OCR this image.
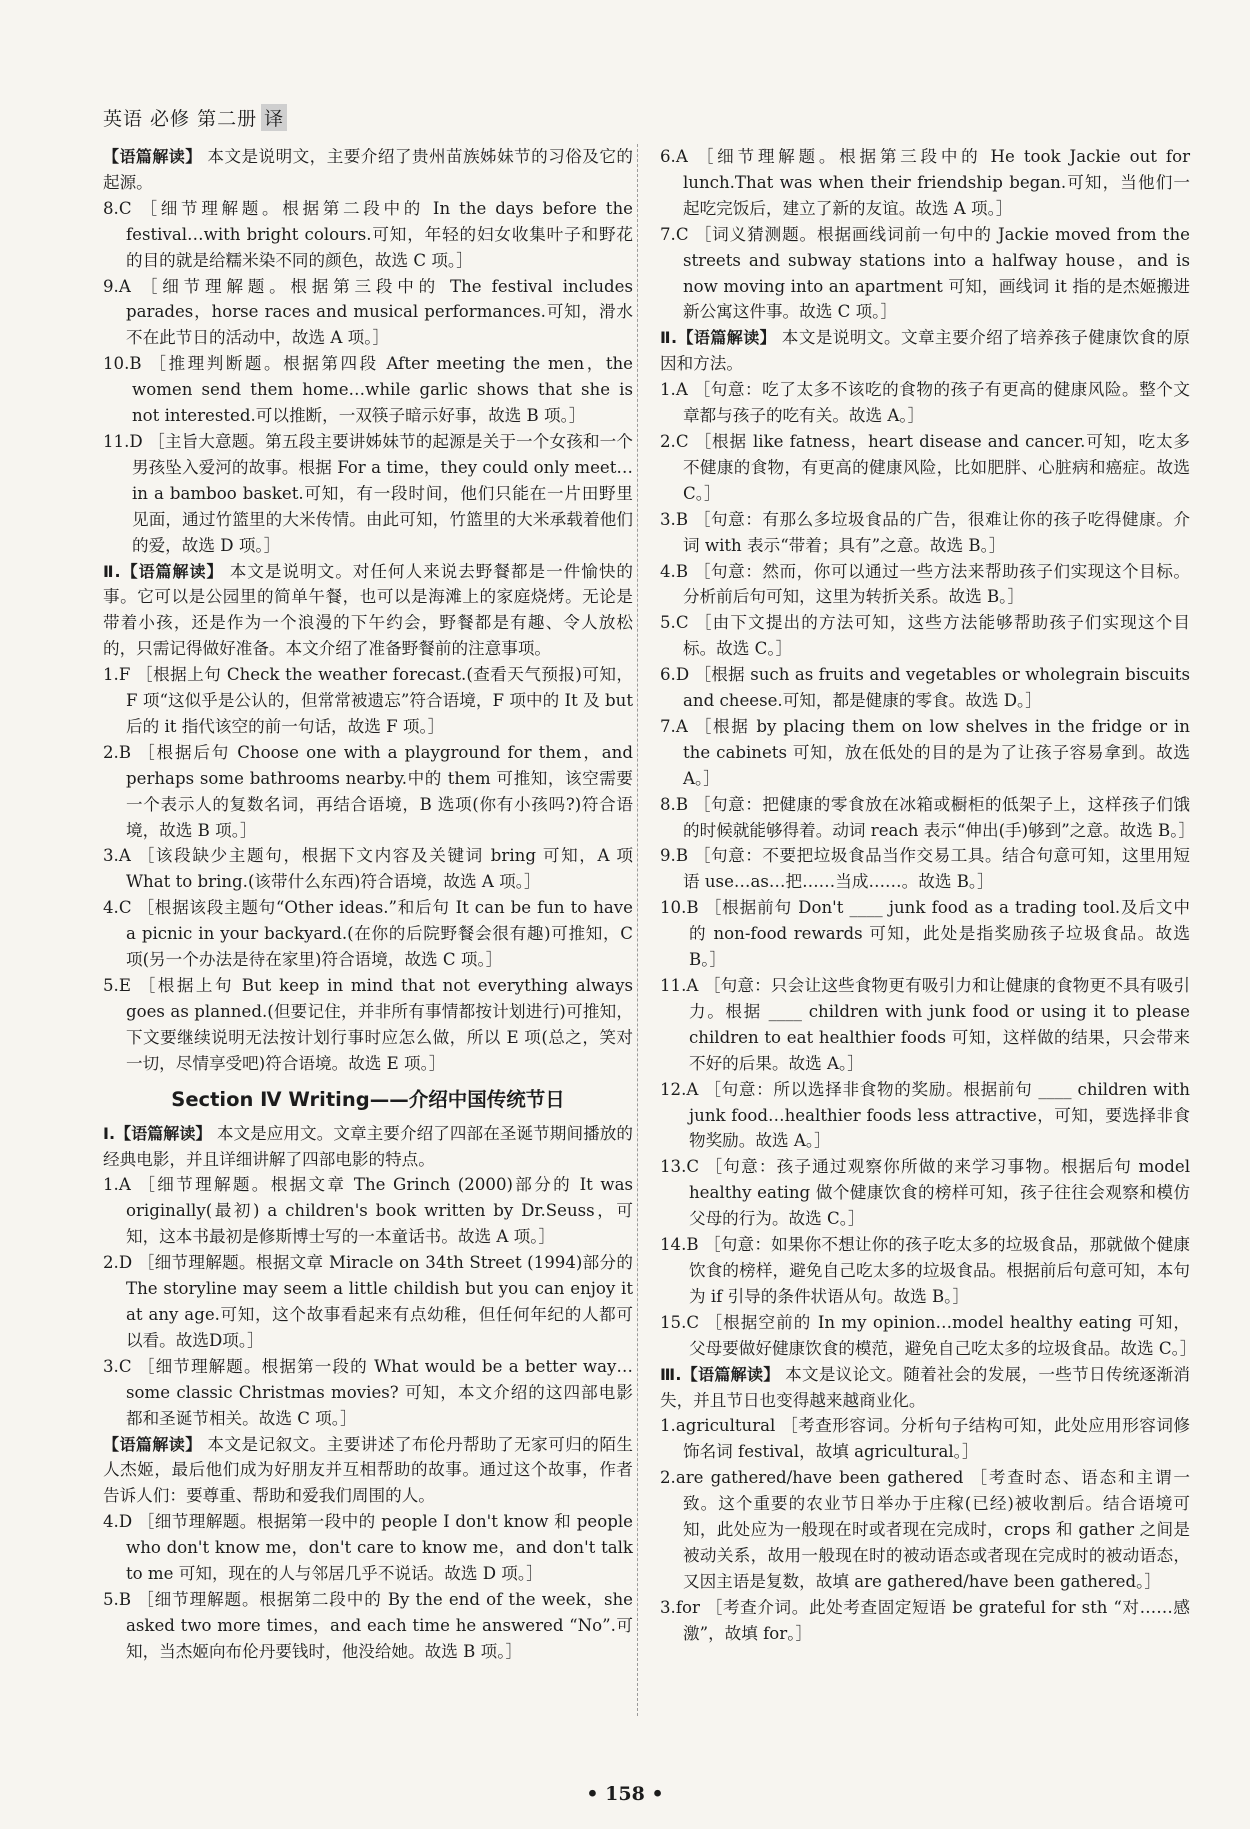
英语 必修 第二册 译
【语篇解读】 本文是说明文，主要介绍了贵州苗族姊妹节的习俗及它的起源。
8.C ［细节理解题。根据第二段中的 In the days before the festival…with bright colours.可知，年轻的妇女收集叶子和野花的目的就是给糯米染不同的颜色，故选 C 项。］
9.A ［细节理解题。根据第三段中的 The festival includes parades，horse races and musical performances.可知，滑水不在此节日的活动中，故选 A 项。］
10.B ［推理判断题。根据第四段 After meeting the men，the women send them home…while garlic shows that she is not interested.可以推断，一双筷子暗示好事，故选 B 项。］
11.D ［主旨大意题。第五段主要讲姊妹节的起源是关于一个女孩和一个男孩坠入爱河的故事。根据 For a time，they could only meet…in a bamboo basket.可知，有一段时间，他们只能在一片田野里见面，通过竹篮里的大米传情。由此可知，竹篮里的大米承载着他们的爱，故选 D 项。］
Ⅱ.【语篇解读】 本文是说明文。对任何人来说去野餐都是一件愉快的事。它可以是公园里的简单午餐，也可以是海滩上的家庭烧烤。无论是带着小孩，还是作为一个浪漫的下午约会，野餐都是有趣、令人放松的，只需记得做好准备。本文介绍了准备野餐前的注意事项。
1.F ［根据上句 Check the weather forecast.(查看天气预报)可知，F 项“这似乎是公认的，但常常被遗忘”符合语境，F 项中的 It 及 but 后的 it 指代该空的前一句话，故选 F 项。］
2.B ［根据后句 Choose one with a playground for them，and perhaps some bathrooms nearby.中的 them 可推知，该空需要一个表示人的复数名词，再结合语境，B 选项(你有小孩吗?)符合语境，故选 B 项。］
3.A ［该段缺少主题句，根据下文内容及关键词 bring 可知，A 项 What to bring.(该带什么东西)符合语境，故选 A 项。］
4.C ［根据该段主题句“Other ideas.”和后句 It can be fun to have a picnic in your backyard.(在你的后院野餐会很有趣)可推知，C 项(另一个办法是待在家里)符合语境，故选 C 项。］
5.E ［根据上句 But keep in mind that not everything always goes as planned.(但要记住，并非所有事情都按计划进行)可推知，下文要继续说明无法按计划行事时应怎么做，所以 E 项(总之，笑对一切，尽情享受吧)符合语境。故选 E 项。］
Section Ⅳ Writing——介绍中国传统节日
Ⅰ.【语篇解读】 本文是应用文。文章主要介绍了四部在圣诞节期间播放的经典电影，并且详细讲解了四部电影的特点。
1.A ［细节理解题。根据文章 The Grinch (2000)部分的 It was originally(最初) a children's book written by Dr.Seuss，可知，这本书最初是修斯博士写的一本童话书。故选 A 项。］
2.D ［细节理解题。根据文章 Miracle on 34th Street (1994)部分的 The storyline may seem a little childish but you can enjoy it at any age.可知，这个故事看起来有点幼稚，但任何年纪的人都可以看。故选D项。］
3.C ［细节理解题。根据第一段的 What would be a better way…some classic Christmas movies? 可知，本文介绍的这四部电影都和圣诞节相关。故选 C 项。］
【语篇解读】 本文是记叙文。主要讲述了布伦丹帮助了无家可归的陌生人杰姬，最后他们成为好朋友并互相帮助的故事。通过这个故事，作者告诉人们：要尊重、帮助和爱我们周围的人。
4.D ［细节理解题。根据第一段中的 people I don't know 和 people who don't know me，don't care to know me，and don't talk to me 可知，现在的人与邻居几乎不说话。故选 D 项。］
5.B ［细节理解题。根据第二段中的 By the end of the week，she asked two more times，and each time he answered “No”.可知，当杰姬向布伦丹要钱时，他没给她。故选 B 项。］
6.A ［细节理解题。根据第三段中的 He took Jackie out for lunch.That was when their friendship began.可知，当他们一起吃完饭后，建立了新的友谊。故选 A 项。］
7.C ［词义猜测题。根据画线词前一句中的 Jackie moved from the streets and subway stations into a halfway house，and is now moving into an apartment 可知，画线词 it 指的是杰姬搬进新公寓这件事。故选 C 项。］
Ⅱ.【语篇解读】 本文是说明文。文章主要介绍了培养孩子健康饮食的原因和方法。
1.A ［句意：吃了太多不该吃的食物的孩子有更高的健康风险。整个文章都与孩子的吃有关。故选 A。］
2.C ［根据 like fatness，heart disease and cancer.可知，吃太多不健康的食物，有更高的健康风险，比如肥胖、心脏病和癌症。故选 C。］
3.B ［句意：有那么多垃圾食品的广告，很难让你的孩子吃得健康。介词 with 表示“带着；具有”之意。故选 B。］
4.B ［句意：然而，你可以通过一些方法来帮助孩子们实现这个目标。分析前后句可知，这里为转折关系。故选 B。］
5.C ［由下文提出的方法可知，这些方法能够帮助孩子们实现这个目标。故选 C。］
6.D ［根据 such as fruits and vegetables or wholegrain biscuits and cheese.可知，都是健康的零食。故选 D。］
7.A ［根据 by placing them on low shelves in the fridge or in the cabinets 可知，放在低处的目的是为了让孩子容易拿到。故选 A。］
8.B ［句意：把健康的零食放在冰箱或橱柜的低架子上，这样孩子们饿的时候就能够得着。动词 reach 表示“伸出(手)够到”之意。故选 B。］
9.B ［句意：不要把垃圾食品当作交易工具。结合句意可知，这里用短语 use…as…把……当成……。故选 B。］
10.B ［根据前句 Don't ____ junk food as a trading tool.及后文中的 non-food rewards 可知，此处是指奖励孩子垃圾食品。故选 B。］
11.A ［句意：只会让这些食物更有吸引力和让健康的食物更不具有吸引力。根据 ____ children with junk food or using it to please children to eat healthier foods 可知，这样做的结果，只会带来不好的后果。故选 A。］
12.A ［句意：所以选择非食物的奖励。根据前句 ____ children with junk food…healthier foods less attractive，可知，要选择非食物奖励。故选 A。］
13.C ［句意：孩子通过观察你所做的来学习事物。根据后句 model healthy eating 做个健康饮食的榜样可知，孩子往往会观察和模仿父母的行为。故选 C。］
14.B ［句意：如果你不想让你的孩子吃太多的垃圾食品，那就做个健康饮食的榜样，避免自己吃太多的垃圾食品。根据前后句意可知，本句为 if 引导的条件状语从句。故选 B。］
15.C ［根据空前的 In my opinion…model healthy eating 可知，父母要做好健康饮食的模范，避免自己吃太多的垃圾食品。故选 C。］
Ⅲ.【语篇解读】 本文是议论文。随着社会的发展，一些节日传统逐渐消失，并且节日也变得越来越商业化。
1.agricultural ［考查形容词。分析句子结构可知，此处应用形容词修饰名词 festival，故填 agricultural。］
2.are gathered/have been gathered ［考查时态、语态和主谓一致。这个重要的农业节日举办于庄稼(已经)被收割后。结合语境可知，此处应为一般现在时或者现在完成时，crops 和 gather 之间是被动关系，故用一般现在时的被动语态或者现在完成时的被动语态，又因主语是复数，故填 are gathered/have been gathered。］
3.for ［考查介词。此处考查固定短语 be grateful for sth “对……感激”，故填 for。］
• 158 •
